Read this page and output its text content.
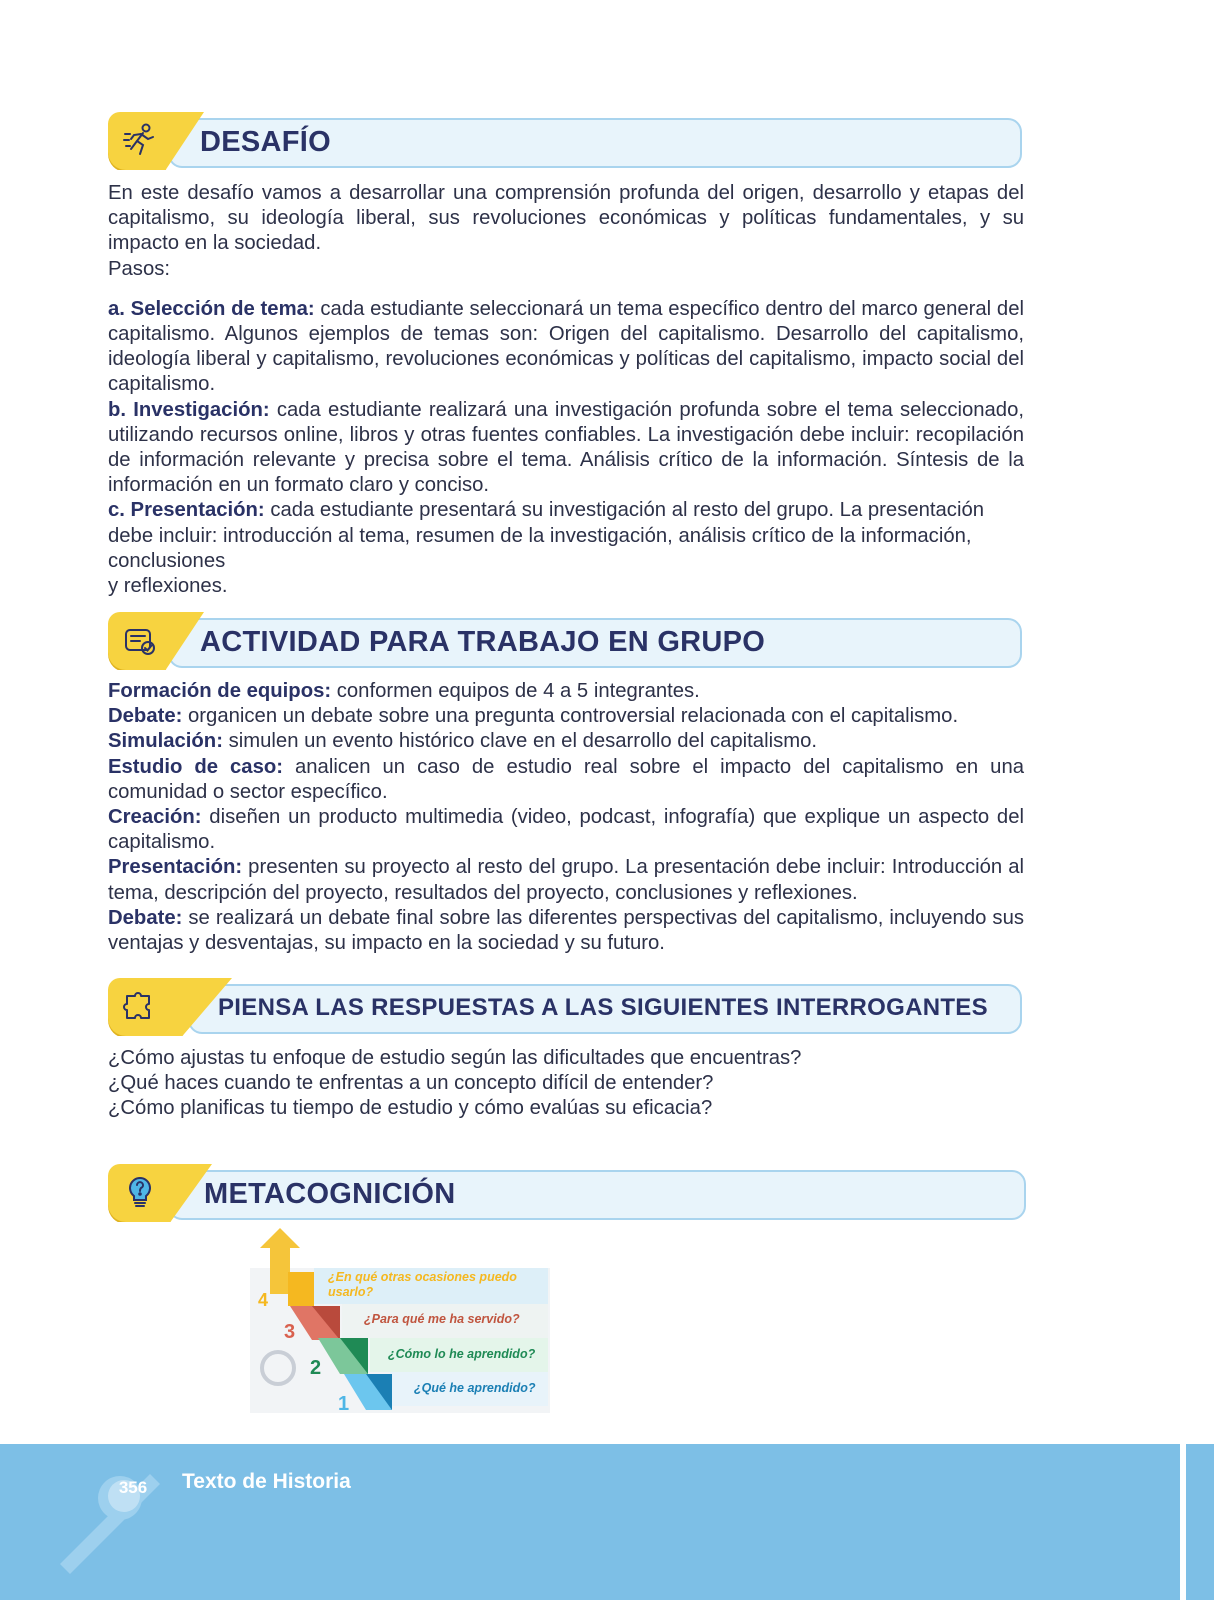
DESAFÍO

En este desafío vamos a desarrollar una comprensión profunda del origen, desarrollo y etapas del capitalismo, su ideología liberal, sus revoluciones económicas y políticas fundamentales, y su impacto en la sociedad.

Pasos:

a. Selección de tema: cada estudiante seleccionará un tema específico dentro del marco general del capitalismo. Algunos ejemplos de temas son: Origen del capitalismo. Desarrollo del capitalismo, ideología liberal y capitalismo, revoluciones económicas y políticas del capitalismo, impacto social del capitalismo.

b. Investigación: cada estudiante realizará una investigación profunda sobre el tema seleccionado, utilizando recursos online, libros y otras fuentes confiables. La investigación debe incluir: recopilación de información relevante y precisa sobre el tema. Análisis crítico de la información. Síntesis de la información en un formato claro y conciso.

c. Presentación: cada estudiante presentará su investigación al resto del grupo. La presentación debe incluir: introducción al tema, resumen de la investigación, análisis crítico de la información, conclusiones

y reflexiones.

ACTIVIDAD PARA TRABAJO EN GRUPO

Formación de equipos: conformen equipos de 4 a 5 integrantes.

Debate: organicen un debate sobre una pregunta controversial relacionada con el capitalismo.

Simulación: simulen un evento histórico clave en el desarrollo del capitalismo.

Estudio de caso: analicen un caso de estudio real sobre el impacto del capitalismo en una comunidad o sector específico.

Creación: diseñen un producto multimedia (video, podcast, infografía) que explique un aspecto del capitalismo.

Presentación: presenten su proyecto al resto del grupo. La presentación debe incluir: Introducción al tema, descripción del proyecto, resultados del proyecto, conclusiones y reflexiones.

Debate: se realizará un debate final sobre las diferentes perspectivas del capitalismo, incluyendo sus ventajas y desventajas, su impacto en la sociedad y su futuro.

PIENSA LAS RESPUESTAS A LAS SIGUIENTES INTERROGANTES

¿Cómo ajustas tu enfoque de estudio según las dificultades que encuentras?

¿Qué haces cuando te enfrentas a un concepto difícil de entender?

¿Cómo planificas tu tiempo de estudio y cómo evalúas su eficacia?

METACOGNICIÓN
4
3
2
1
¿En qué otras ocasiones puedo usarlo?
¿Para qué me ha servido?
¿Cómo lo he aprendido?
¿Qué he aprendido?
356 Texto de Historia
